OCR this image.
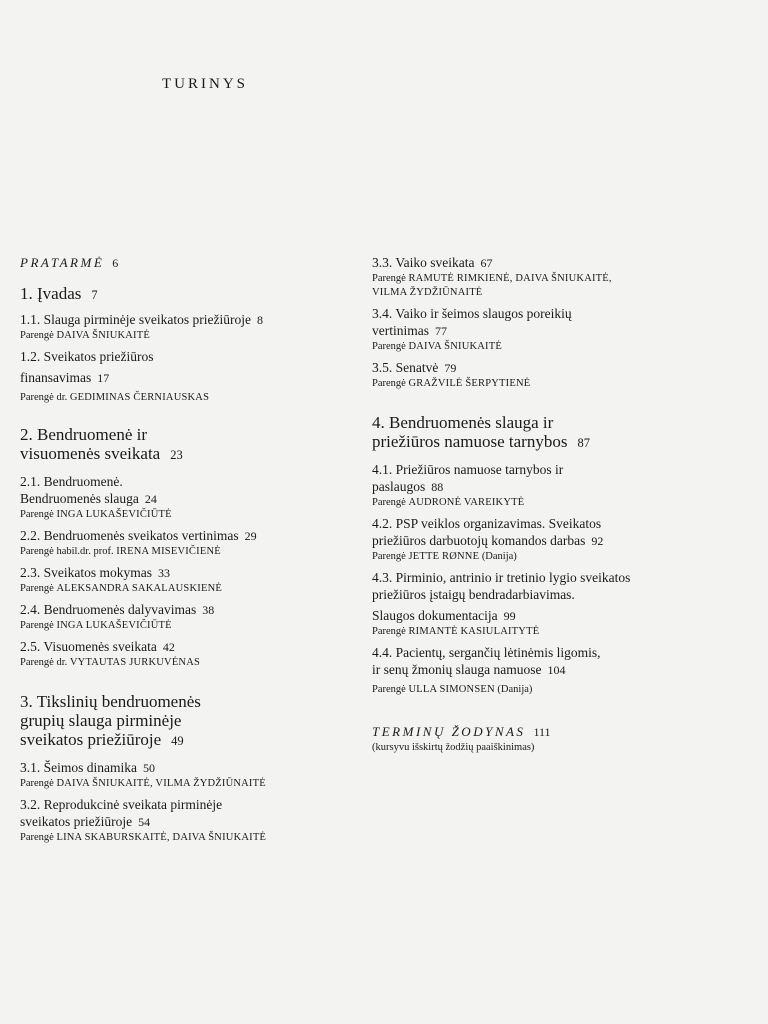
TURINYS
PRATARMĖ 6
1. Įvadas 7
1.1. Slauga pirminėje sveikatos priežiūroje 8
Parengė DAIVA ŠNIUKAITĖ
1.2. Sveikatos priežiūros
finansavimas 17
Parengė dr. GEDIMINAS ČERNIAUSKAS
2. Bendruomenė ir
visuomenės sveikata 23
2.1. Bendruomenė.
Bendruomenės slauga 24
Parengė INGA LUKAŠEVIČIŪTĖ
2.2. Bendruomenės sveikatos vertinimas 29
Parengė habil.dr. prof. IRENA MISEVIČIENĖ
2.3. Sveikatos mokymas 33
Parengė ALEKSANDRA SAKALAUSKIENĖ
2.4. Bendruomenės dalyvavimas 38
Parengė INGA LUKAŠEVIČIŪTĖ
2.5. Visuomenės sveikata 42
Parengė dr. VYTAUTAS JURKUVĖNAS
3. Tikslinių bendruomenės
grupių slauga pirminėje
sveikatos priežiūroje 49
3.1. Šeimos dinamika 50
Parengė DAIVA ŠNIUKAITĖ, VILMA ŽYDŽIŪNAITĖ
3.2. Reprodukcinė sveikata pirminėje
sveikatos priežiūroje 54
Parengė LINA SKABURSKAITĖ, DAIVA ŠNIUKAITĖ
3.3. Vaiko sveikata 67
Parengė RAMUTĖ RIMKIENĖ, DAIVA ŠNIUKAITĖ,
VILMA ŽYDŽIŪNAITĖ
3.4. Vaiko ir šeimos slaugos poreikių
vertinimas 77
Parengė DAIVA ŠNIUKAITĖ
3.5. Senatvė 79
Parengė GRAŽVILĖ ŠERPYTIENĖ
4. Bendruomenės slauga ir
priežiūros namuose tarnybos 87
4.1. Priežiūros namuose tarnybos ir
paslaugos 88
Parengė AUDRONĖ VAREIKYTĖ
4.2. PSP veiklos organizavimas. Sveikatos
priežiūros darbuotojų komandos darbas 92
Parengė JETTE RØNNE (Danija)
4.3. Pirminio, antrinio ir tretinio lygio sveikatos
priežiūros įstaigų bendradarbiavimas.
Slaugos dokumentacija 99
Parengė RIMANTĖ KASIULAITYTĖ
4.4. Pacientų, sergančių lėtinėmis ligomis,
ir senų žmonių slauga namuose 104
Parengė ULLA SIMONSEN (Danija)
TERMINŲ ŽODYNAS 111
(kursyvu išskirtų žodžių paaiškinimas)
